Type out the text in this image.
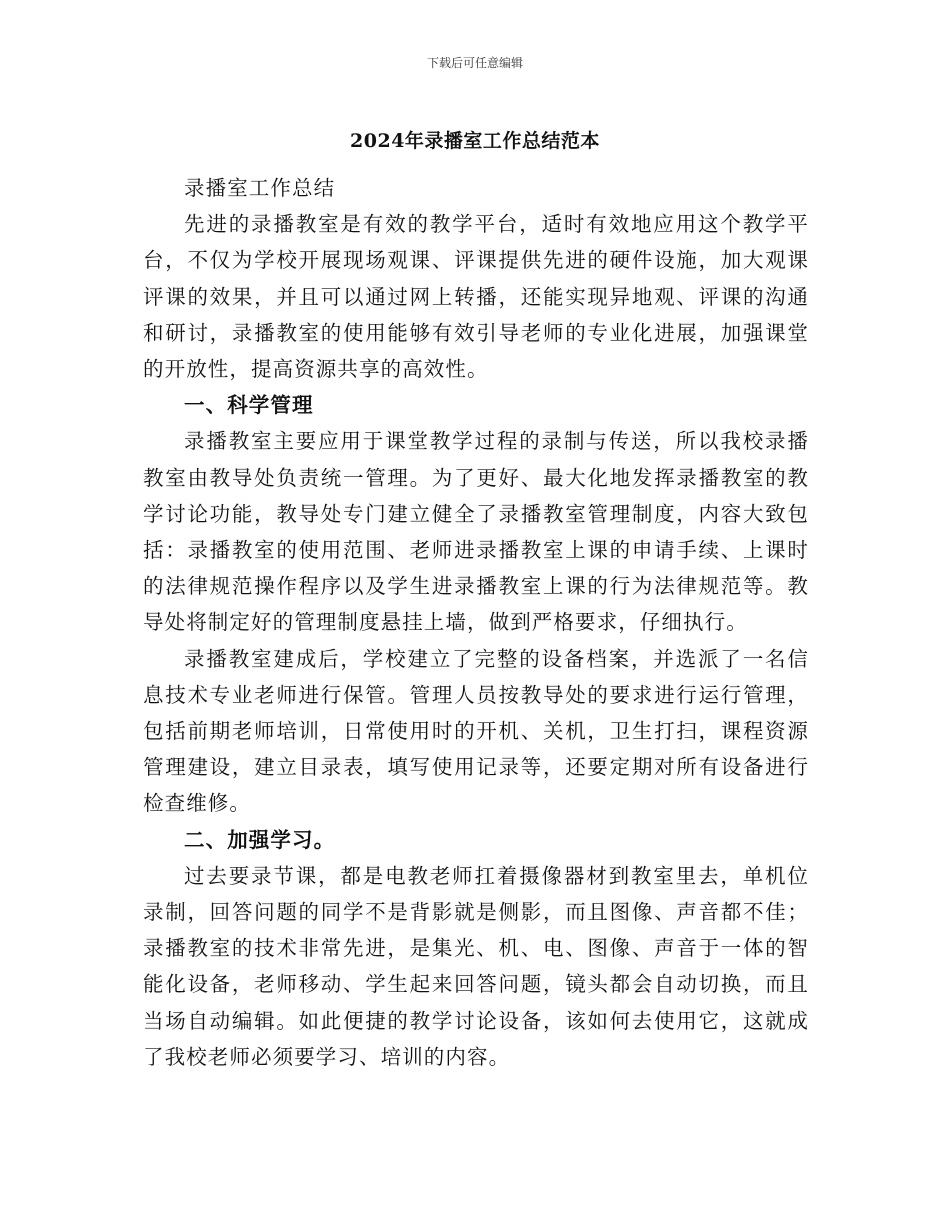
下载后可任意编辑
2024年录播室工作总结范本

录播室工作总结

先进的录播教室是有效的教学平台，适时有效地应用这个教学平台，不仅为学校开展现场观课、评课提供先进的硬件设施，加大观课评课的效果，并且可以通过网上转播，还能实现异地观、评课的沟通和研讨，录播教室的使用能够有效引导老师的专业化进展，加强课堂的开放性，提高资源共享的高效性。

一、科学管理

录播教室主要应用于课堂教学过程的录制与传送，所以我校录播教室由教导处负责统一管理。为了更好、最大化地发挥录播教室的教学讨论功能，教导处专门建立健全了录播教室管理制度，内容大致包括：录播教室的使用范围、老师进录播教室上课的申请手续、上课时的法律规范操作程序以及学生进录播教室上课的行为法律规范等。教导处将制定好的管理制度悬挂上墙，做到严格要求，仔细执行。

录播教室建成后，学校建立了完整的设备档案，并选派了一名信息技术专业老师进行保管。管理人员按教导处的要求进行运行管理，包括前期老师培训，日常使用时的开机、关机，卫生打扫，课程资源管理建设，建立目录表，填写使用记录等，还要定期对所有设备进行检查维修。

二、加强学习。

过去要录节课，都是电教老师扛着摄像器材到教室里去，单机位录制，回答问题的同学不是背影就是侧影，而且图像、声音都不佳；录播教室的技术非常先进，是集光、机、电、图像、声音于一体的智能化设备，老师移动、学生起来回答问题，镜头都会自动切换，而且当场自动编辑。如此便捷的教学讨论设备，该如何去使用它，这就成了我校老师必须要学习、培训的内容。
